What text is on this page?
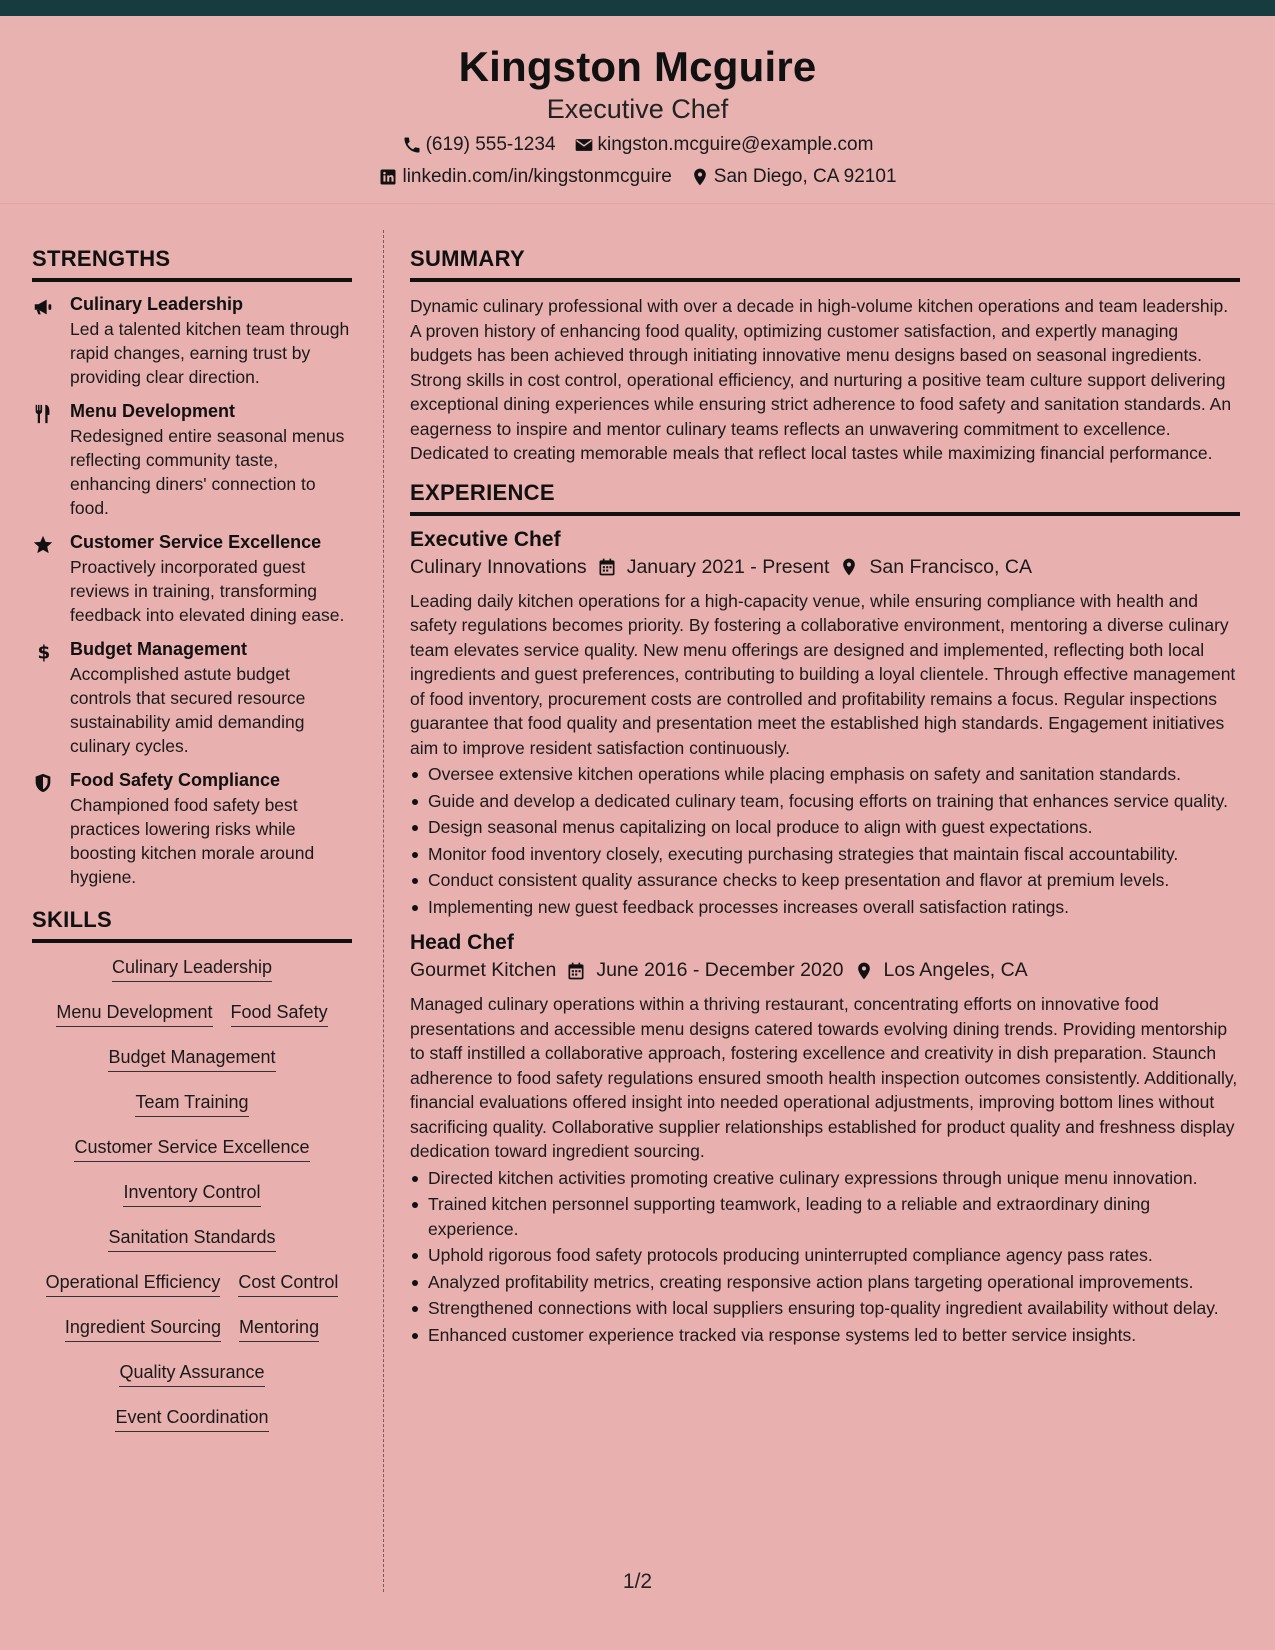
Kingston Mcguire
Executive Chef
(619) 555-1234 kingston.mcguire@example.com
linkedin.com/in/kingstonmcguire San Diego, CA 92101
STRENGTHS
Culinary Leadership
Led a talented kitchen team through rapid changes, earning trust by providing clear direction.
Menu Development
Redesigned entire seasonal menus reflecting community taste, enhancing diners' connection to food.
Customer Service Excellence
Proactively incorporated guest reviews in training, transforming feedback into elevated dining ease.
$ Budget Management
Accomplished astute budget controls that secured resource sustainability amid demanding culinary cycles.
Food Safety Compliance
Championed food safety best practices lowering risks while boosting kitchen morale around hygiene.
SKILLS
Culinary Leadership
Menu Development Food Safety
Budget Management
Team Training
Customer Service Excellence
Inventory Control
Sanitation Standards
Operational Efficiency Cost Control
Ingredient Sourcing Mentoring
Quality Assurance
Event Coordination
SUMMARY
Dynamic culinary professional with over a decade in high-volume kitchen operations and team leadership. A proven history of enhancing food quality, optimizing customer satisfaction, and expertly managing budgets has been achieved through initiating innovative menu designs based on seasonal ingredients. Strong skills in cost control, operational efficiency, and nurturing a positive team culture support delivering exceptional dining experiences while ensuring strict adherence to food safety and sanitation standards. An eagerness to inspire and mentor culinary teams reflects an unwavering commitment to excellence. Dedicated to creating memorable meals that reflect local tastes while maximizing financial performance.
EXPERIENCE
Executive Chef
Culinary Innovations January 2021 - Present San Francisco, CA
Leading daily kitchen operations for a high-capacity venue, while ensuring compliance with health and safety regulations becomes priority. By fostering a collaborative environment, mentoring a diverse culinary team elevates service quality. New menu offerings are designed and implemented, reflecting both local ingredients and guest preferences, contributing to building a loyal clientele. Through effective management of food inventory, procurement costs are controlled and profitability remains a focus. Regular inspections guarantee that food quality and presentation meet the established high standards. Engagement initiatives aim to improve resident satisfaction continuously.
Oversee extensive kitchen operations while placing emphasis on safety and sanitation standards.
Guide and develop a dedicated culinary team, focusing efforts on training that enhances service quality.
Design seasonal menus capitalizing on local produce to align with guest expectations.
Monitor food inventory closely, executing purchasing strategies that maintain fiscal accountability.
Conduct consistent quality assurance checks to keep presentation and flavor at premium levels.
Implementing new guest feedback processes increases overall satisfaction ratings.
Head Chef
Gourmet Kitchen June 2016 - December 2020 Los Angeles, CA
Managed culinary operations within a thriving restaurant, concentrating efforts on innovative food presentations and accessible menu designs catered towards evolving dining trends. Providing mentorship to staff instilled a collaborative approach, fostering excellence and creativity in dish preparation. Staunch adherence to food safety regulations ensured smooth health inspection outcomes consistently. Additionally, financial evaluations offered insight into needed operational adjustments, improving bottom lines without sacrificing quality. Collaborative supplier relationships established for product quality and freshness display dedication toward ingredient sourcing.
Directed kitchen activities promoting creative culinary expressions through unique menu innovation.
Trained kitchen personnel supporting teamwork, leading to a reliable and extraordinary dining experience.
Uphold rigorous food safety protocols producing uninterrupted compliance agency pass rates.
Analyzed profitability metrics, creating responsive action plans targeting operational improvements.
Strengthened connections with local suppliers ensuring top-quality ingredient availability without delay.
Enhanced customer experience tracked via response systems led to better service insights.
1/2
